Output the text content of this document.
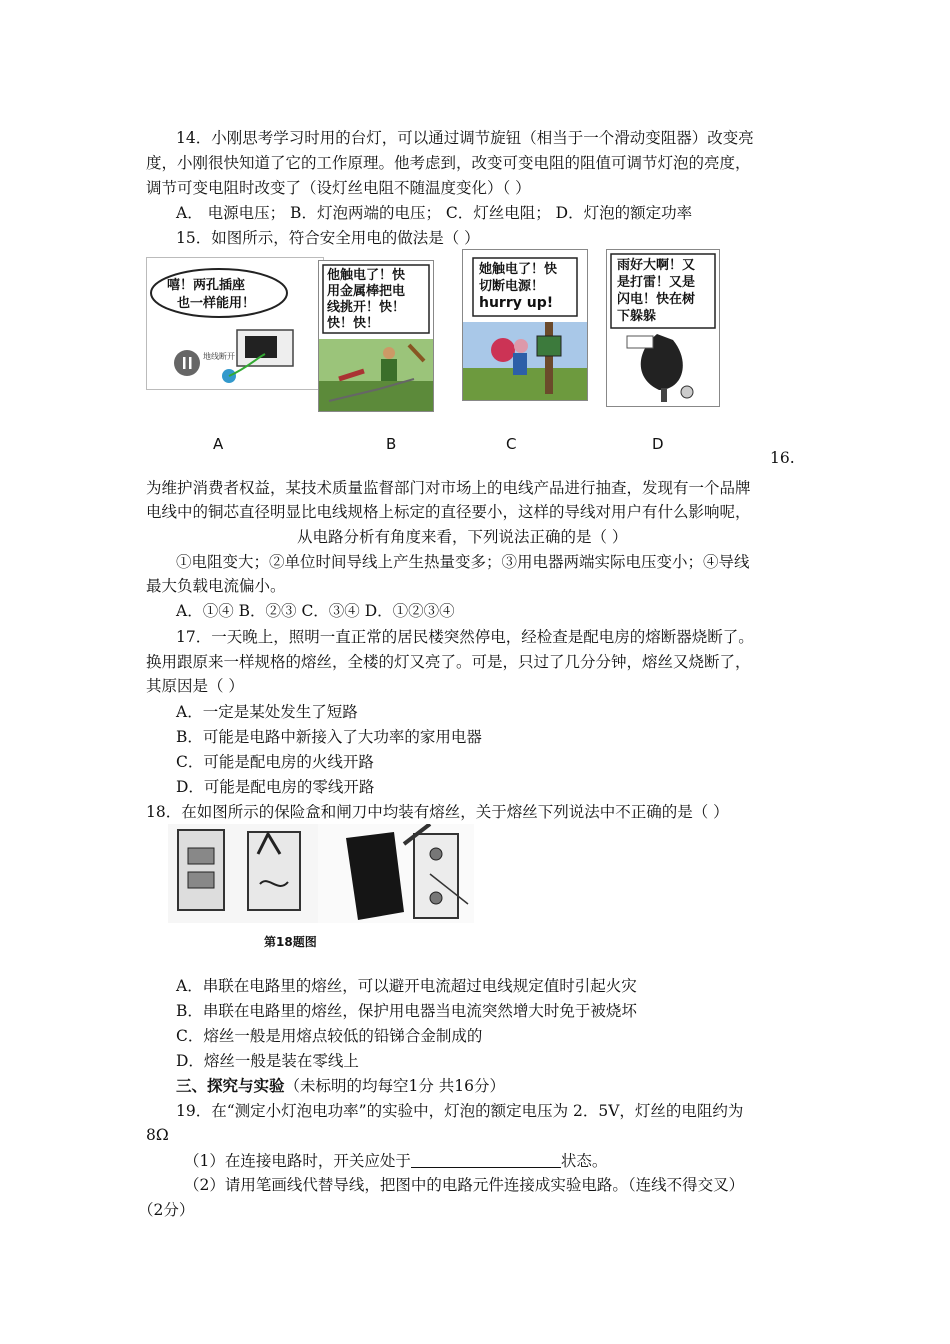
14．小刚思考学习时用的台灯，可以通过调节旋钮（相当于一个滑动变阻器）改变亮
度，小刚很快知道了它的工作原理。他考虑到，改变可变电阻的阻值可调节灯泡的亮度，
调节可变电阻时改变了（设灯丝电阻不随温度变化）（ ）
A． 电源电压； B．灯泡两端的电压； C．灯丝电阻； D．灯泡的额定功率
15．如图所示，符合安全用电的做法是（ ）
嘻！两孔插座
也一样能用！
地线断开
他触电了！快
用金属棒把电
线挑开！快！
快！快！
她触电了！快
切断电源！
hurry up!
雨好大啊！又
是打雷！又是
闪电！快在树
下躲躲
A	B	C	D
16.
为维护消费者权益，某技术质量监督部门对市场上的电线产品进行抽查，发现有一个品牌
电线中的铜芯直径明显比电线规格上标定的直径要小，这样的导线对用户有什么影响呢，
从电路分析有角度来看，下列说法正确的是（ ）
①电阻变大；②单位时间导线上产生热量变多；③用电器两端实际电压变小；④导线
最大负载电流偏小。
A．①④ B．②③ C．③④ D．①②③④
17．一天晚上，照明一直正常的居民楼突然停电，经检查是配电房的熔断器烧断了。
换用跟原来一样规格的熔丝，全楼的灯又亮了。可是，只过了几分分钟，熔丝又烧断了，
其原因是（ ）
A．一定是某处发生了短路
B．可能是电路中新接入了大功率的家用电器
C．可能是配电房的火线开路
D．可能是配电房的零线开路
18．在如图所示的保险盒和闸刀中均装有熔丝，关于熔丝下列说法中不正确的是（ ）
第18题图
A．串联在电路里的熔丝，可以避开电流超过电线规定值时引起火灾
B．串联在电路里的熔丝，保护用电器当电流突然增大时免于被烧坏
C．熔丝一般是用熔点较低的铅锑合金制成的
D．熔丝一般是装在零线上
三、探究与实验（未标明的均每空1分 共16分）
19．在“测定小灯泡电功率”的实验中，灯泡的额定电压为 2．5V，灯丝的电阻约为
8Ω
（1）在连接电路时，开关应处于	状态。
（2）请用笔画线代替导线，把图中的电路元件连接成实验电路。（连线不得交叉）
（2分）
